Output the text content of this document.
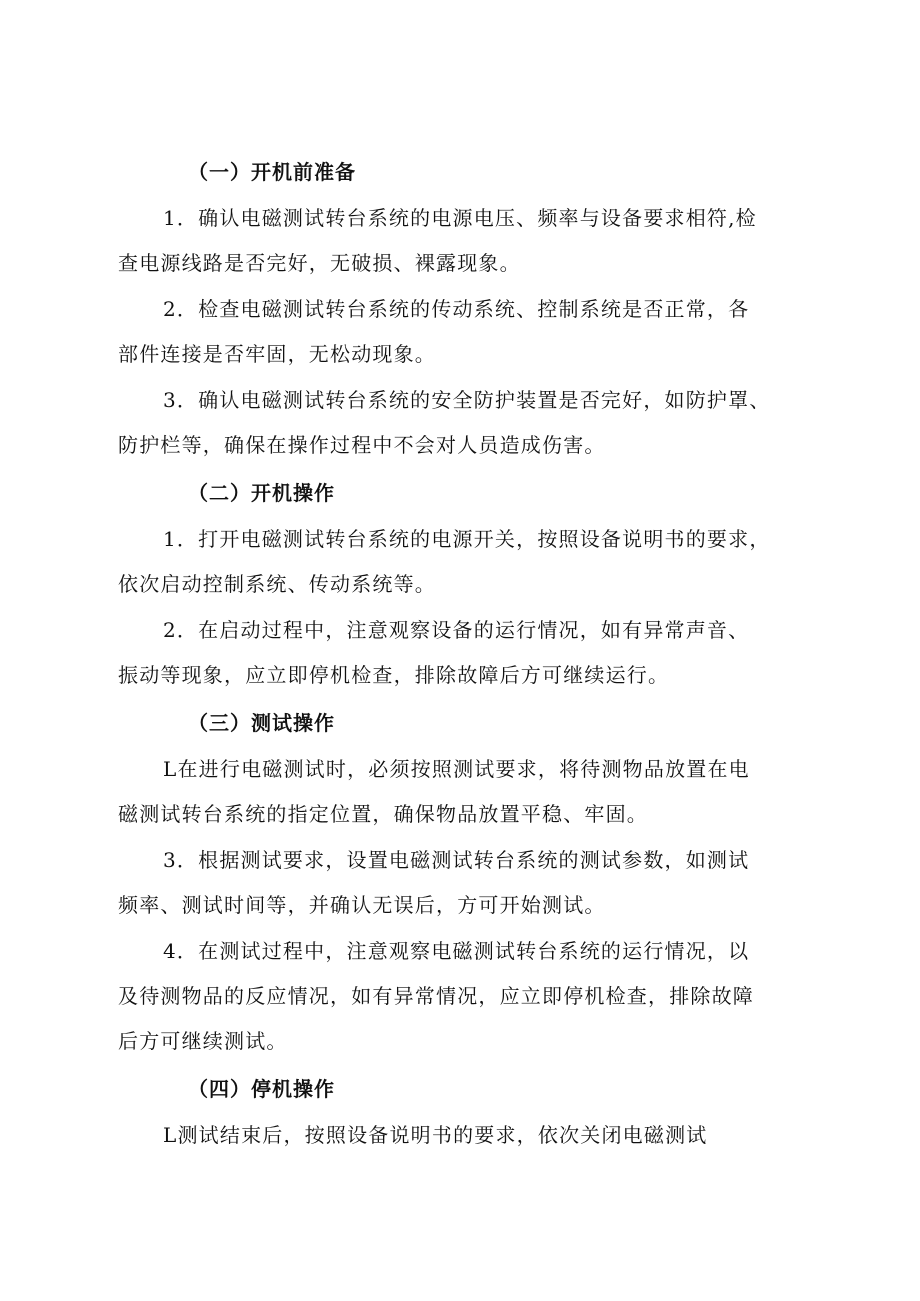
（一）开机前准备
1．确认电磁测试转台系统的电源电压、频率与设备要求相符,检
查电源线路是否完好，无破损、裸露现象。
2．检查电磁测试转台系统的传动系统、控制系统是否正常，各
部件连接是否牢固，无松动现象。
3．确认电磁测试转台系统的安全防护装置是否完好，如防护罩、
防护栏等，确保在操作过程中不会对人员造成伤害。
（二）开机操作
1．打开电磁测试转台系统的电源开关，按照设备说明书的要求，
依次启动控制系统、传动系统等。
2．在启动过程中，注意观察设备的运行情况，如有异常声音、
振动等现象，应立即停机检查，排除故障后方可继续运行。
（三）测试操作
L在进行电磁测试时，必须按照测试要求，将待测物品放置在电
磁测试转台系统的指定位置，确保物品放置平稳、牢固。
3．根据测试要求，设置电磁测试转台系统的测试参数，如测试
频率、测试时间等，并确认无误后，方可开始测试。
4．在测试过程中，注意观察电磁测试转台系统的运行情况，以
及待测物品的反应情况，如有异常情况，应立即停机检查，排除故障
后方可继续测试。
（四）停机操作
L测试结束后，按照设备说明书的要求，依次关闭电磁测试
